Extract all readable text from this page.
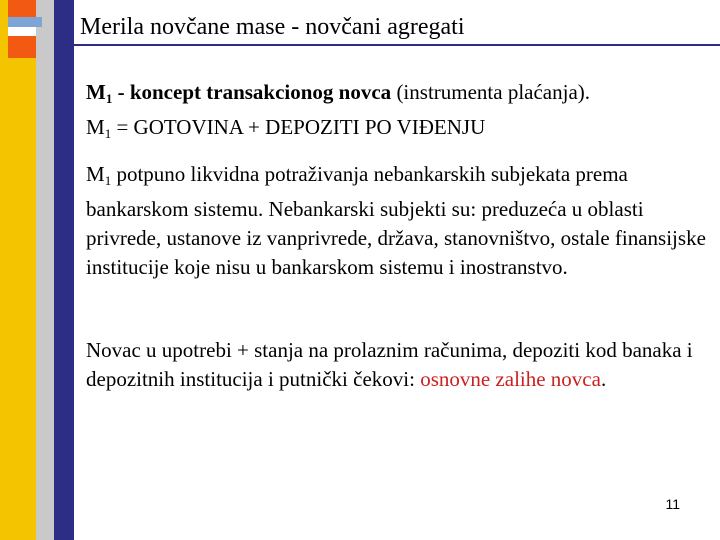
Merila novčane mase - novčani agregati
$M_1$ - koncept transakcionog novca (instrumenta plaćanja).
$M_1$ = GOTOVINA + DEPOZITI PO VIĐENJU
$M_1$ potpuno likvidna potraživanja nebankarskih subjekata prema bankarskom sistemu. Nebankarski subjekti su: preduzeća u oblasti privrede, ustanove iz vanprivrede, država, stanovništvo, ostale finansijske institucije koje nisu u bankarskom sistemu i inostranstvo.
Novac u upotrebi + stanja na prolaznim računima, depoziti kod banaka i depozitnih institucija i putnički čekovi: osnovne zalihe novca.
11
